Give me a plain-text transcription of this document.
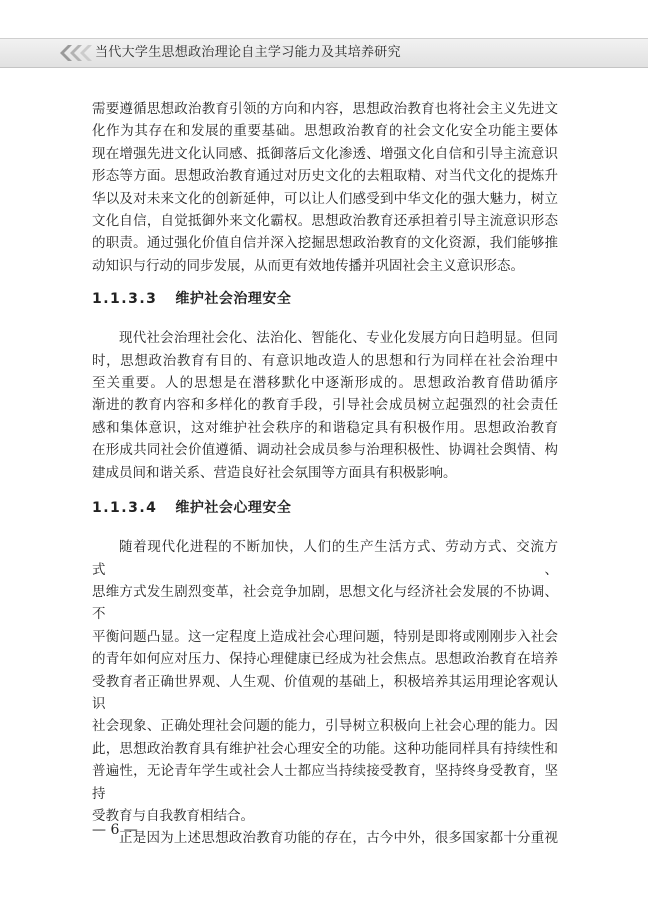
当代大学生思想政治理论自主学习能力及其培养研究

需要遵循思想政治教育引领的方向和内容，思想政治教育也将社会主义先进文

化作为其存在和发展的重要基础。思想政治教育的社会文化安全功能主要体

现在增强先进文化认同感、抵御落后文化渗透、增强文化自信和引导主流意识

形态等方面。思想政治教育通过对历史文化的去粗取精、对当代文化的提炼升

华以及对未来文化的创新延伸，可以让人们感受到中华文化的强大魅力，树立

文化自信，自觉抵御外来文化霸权。思想政治教育还承担着引导主流意识形态

的职责。通过强化价值自信并深入挖掘思想政治教育的文化资源，我们能够推

动知识与行动的同步发展，从而更有效地传播并巩固社会主义意识形态。

1.1.3.3 维护社会治理安全

现代社会治理社会化、法治化、智能化、专业化发展方向日趋明显。但同

时，思想政治教育有目的、有意识地改造人的思想和行为同样在社会治理中

至关重要。人的思想是在潜移默化中逐渐形成的。思想政治教育借助循序

渐进的教育内容和多样化的教育手段，引导社会成员树立起强烈的社会责任

感和集体意识，这对维护社会秩序的和谐稳定具有积极作用。思想政治教育

在形成共同社会价值遵循、调动社会成员参与治理积极性、协调社会舆情、构

建成员间和谐关系、营造良好社会氛围等方面具有积极影响。

1.1.3.4 维护社会心理安全

随着现代化进程的不断加快，人们的生产生活方式、劳动方式、交流方式、

思维方式发生剧烈变革，社会竞争加剧，思想文化与经济社会发展的不协调、不

平衡问题凸显。这一定程度上造成社会心理问题，特别是即将或刚刚步入社会

的青年如何应对压力、保持心理健康已经成为社会焦点。思想政治教育在培养

受教育者正确世界观、人生观、价值观的基础上，积极培养其运用理论客观认识

社会现象、正确处理社会问题的能力，引导树立积极向上社会心理的能力。因

此，思想政治教育具有维护社会心理安全的功能。这种功能同样具有持续性和

普遍性，无论青年学生或社会人士都应当持续接受教育，坚持终身受教育，坚持

受教育与自我教育相结合。

正是因为上述思想政治教育功能的存在，古今中外，很多国家都十分重视

— 6 —
